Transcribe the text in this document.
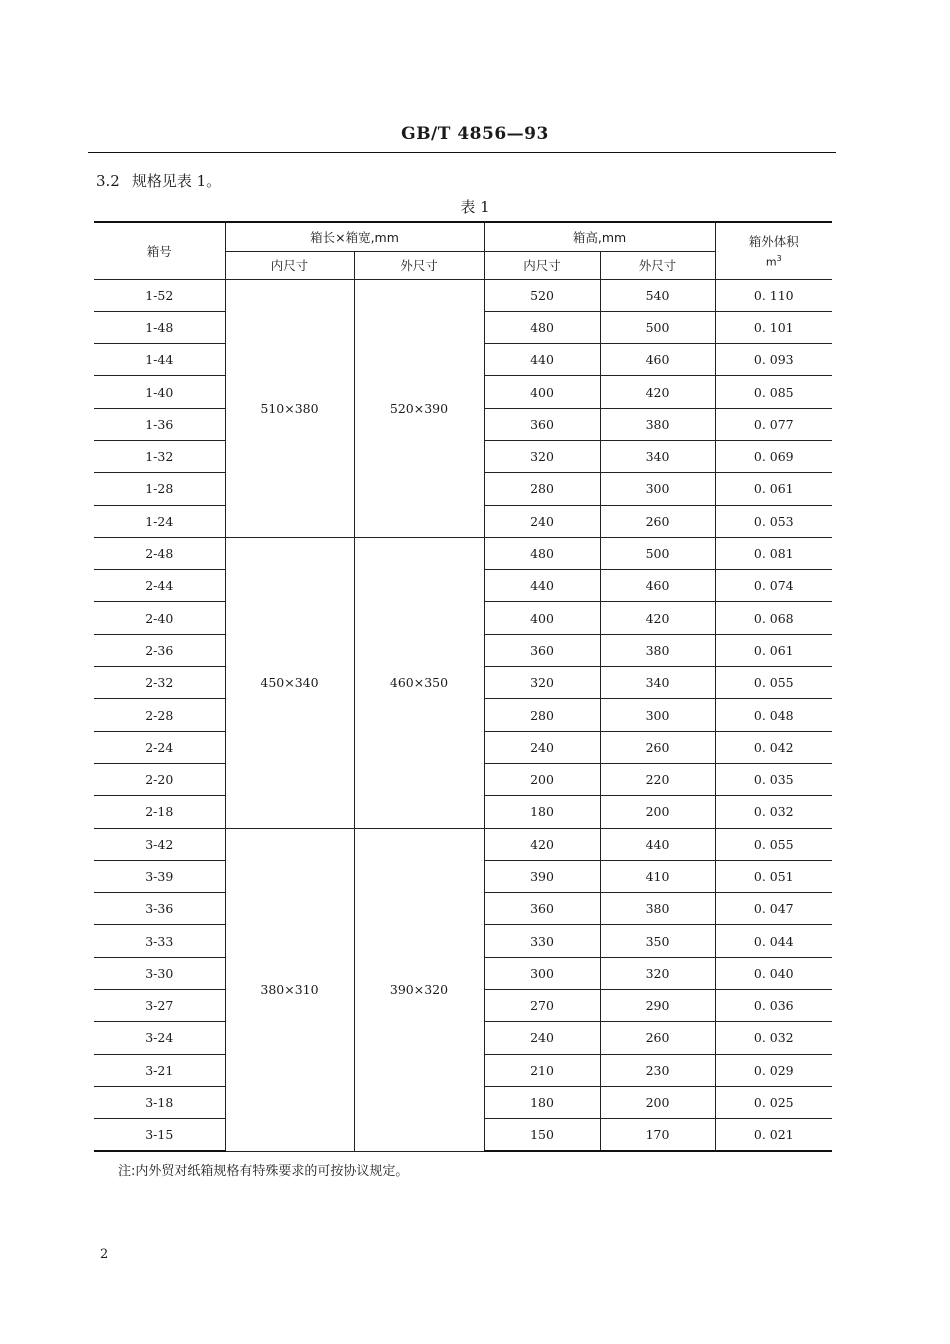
GB/T 4856—93
3.2 规格见表 1。
表 1
箱号	箱长×箱宽,mm		箱高,mm		箱外体积
$m^3$

	内尺寸	外尺寸	内尺寸	外尺寸	
1-52	510×380	520×390	520	540	0. 110
1-48			480	500	0. 101
1-44			440	460	0. 093
1-40			400	420	0. 085
1-36			360	380	0. 077
1-32			320	340	0. 069
1-28			280	300	0. 061
1-24			240	260	0. 053
2-48	450×340	460×350	480	500	0. 081
2-44			440	460	0. 074
2-40			400	420	0. 068
2-36			360	380	0. 061
2-32			320	340	0. 055
2-28			280	300	0. 048
2-24			240	260	0. 042
2-20			200	220	0. 035
2-18			180	200	0. 032
3-42	380×310	390×320	420	440	0. 055
3-39			390	410	0. 051
3-36			360	380	0. 047
3-33			330	350	0. 044
3-30			300	320	0. 040
3-27			270	290	0. 036
3-24			240	260	0. 032
3-21			210	230	0. 029
3-18			180	200	0. 025
3-15			150	170	0. 021
注:内外贸对纸箱规格有特殊要求的可按协议规定。
2
